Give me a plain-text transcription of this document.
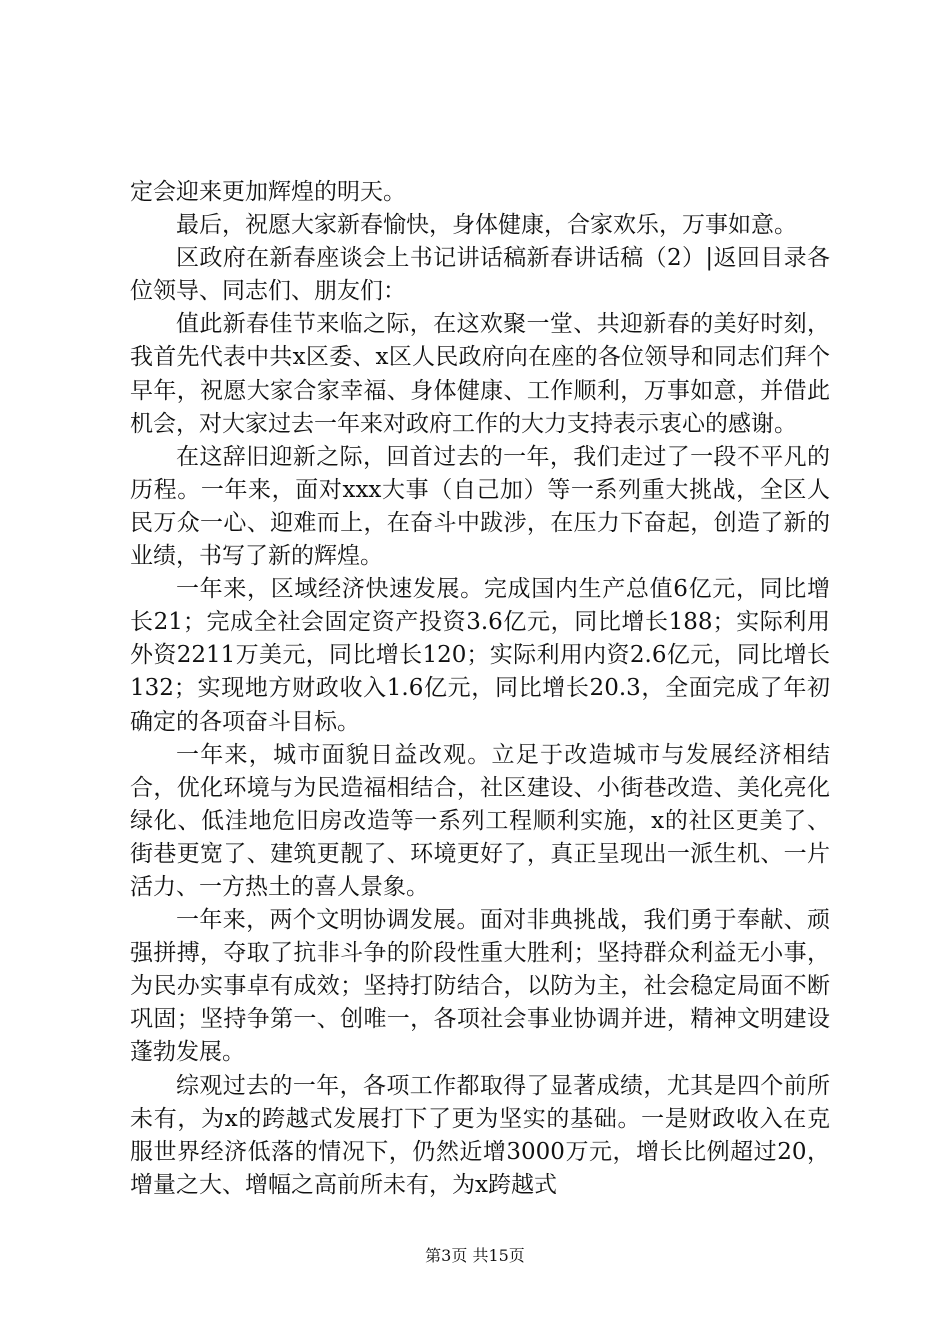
定会迎来更加辉煌的明天。

最后，祝愿大家新春愉快，身体健康，合家欢乐，万事如意。

区政府在新春座谈会上书记讲话稿新春讲话稿（2）|返回目录各位领导、同志们、朋友们：

值此新春佳节来临之际，在这欢聚一堂、共迎新春的美好时刻，我首先代表中共x区委、x区人民政府向在座的各位领导和同志们拜个早年，祝愿大家合家幸福、身体健康、工作顺利，万事如意，并借此机会，对大家过去一年来对政府工作的大力支持表示衷心的感谢。

在这辞旧迎新之际，回首过去的一年，我们走过了一段不平凡的历程。一年来，面对xxx大事（自己加）等一系列重大挑战，全区人民万众一心、迎难而上，在奋斗中跋涉，在压力下奋起，创造了新的业绩，书写了新的辉煌。

一年来，区域经济快速发展。完成国内生产总值6亿元，同比增长21；完成全社会固定资产投资3.6亿元，同比增长188；实际利用外资2211万美元，同比增长120；实际利用内资2.6亿元，同比增长132；实现地方财政收入1.6亿元，同比增长20.3，全面完成了年初确定的各项奋斗目标。

一年来，城市面貌日益改观。立足于改造城市与发展经济相结合，优化环境与为民造福相结合，社区建设、小街巷改造、美化亮化绿化、低洼地危旧房改造等一系列工程顺利实施，x的社区更美了、街巷更宽了、建筑更靓了、环境更好了，真正呈现出一派生机、一片活力、一方热土的喜人景象。

一年来，两个文明协调发展。面对非典挑战，我们勇于奉献、顽强拼搏，夺取了抗非斗争的阶段性重大胜利；坚持群众利益无小事，为民办实事卓有成效；坚持打防结合，以防为主，社会稳定局面不断巩固；坚持争第一、创唯一，各项社会事业协调并进，精神文明建设蓬勃发展。

综观过去的一年，各项工作都取得了显著成绩，尤其是四个前所未有，为x的跨越式发展打下了更为坚实的基础。一是财政收入在克服世界经济低落的情况下，仍然近增3000万元，增长比例超过20，增量之大、增幅之高前所未有，为x跨越式

第3页 共15页
